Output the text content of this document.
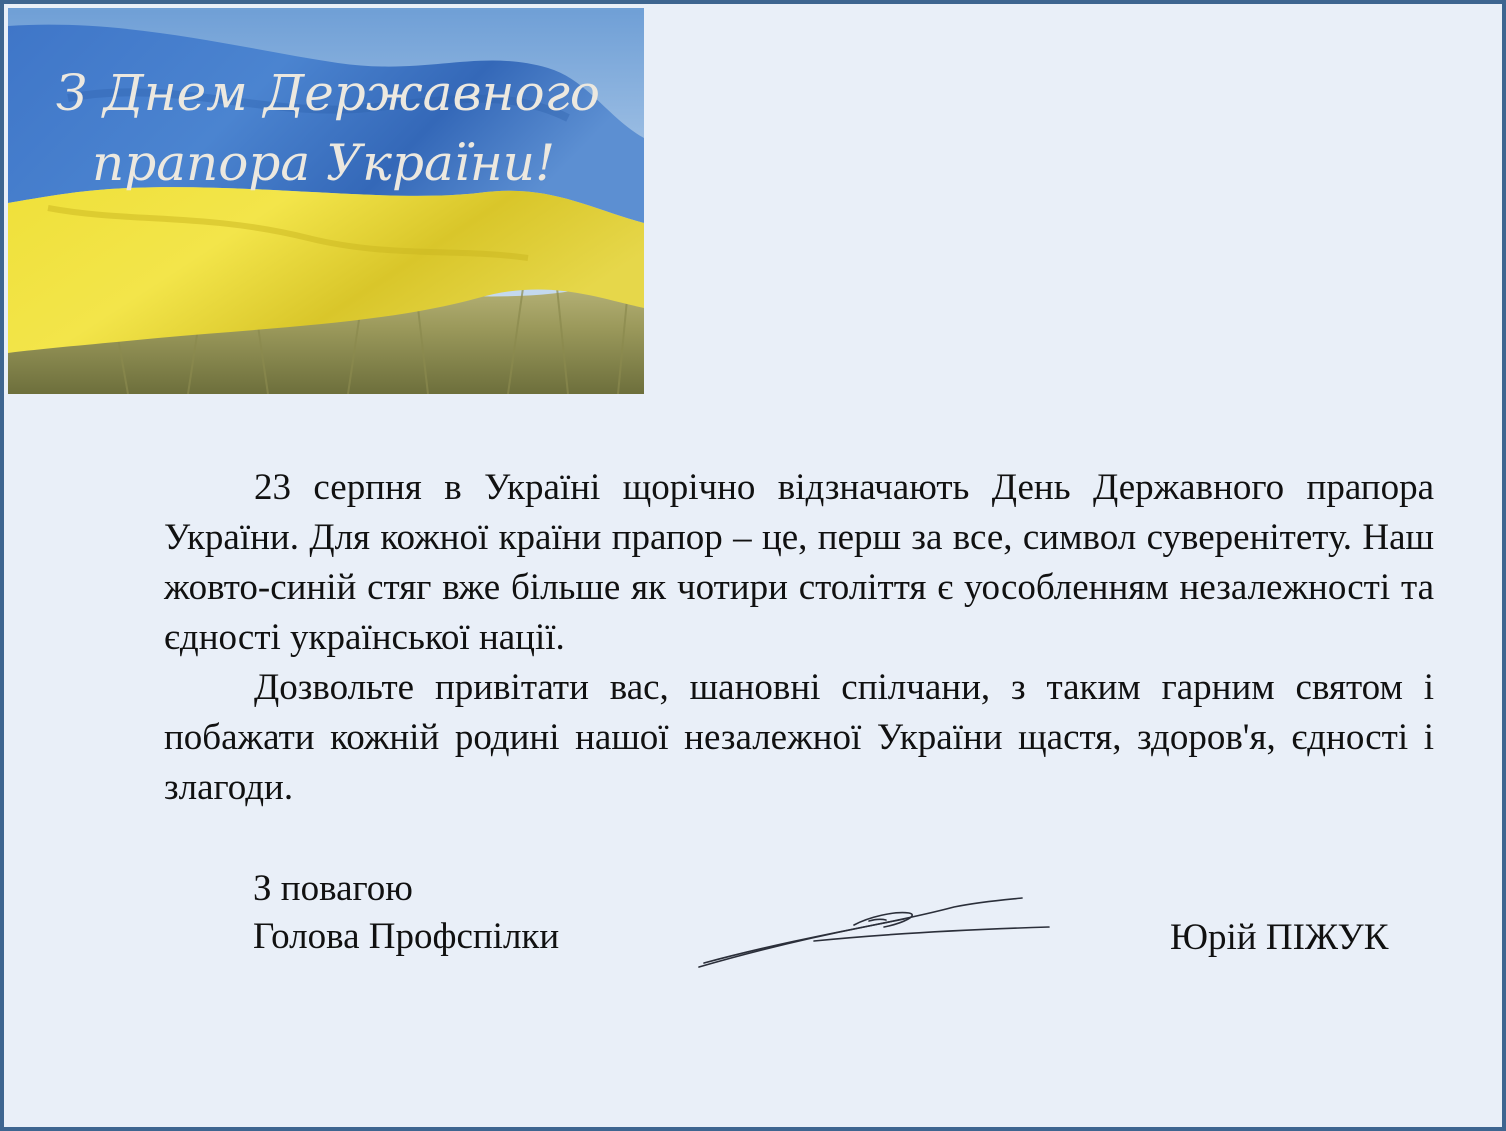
З Днем Державного
прапора України!

23 серпня в Україні щорічно відзначають День Державного прапора України. Для кожної країни прапор – це, перш за все, символ суверенітету. Наш жовто-синій стяг вже більше як чотири століття є уособленням незалежності та єдності української нації.

Дозвольте привітати вас, шановні спілчани, з таким гарним святом і побажати кожній родині нашої незалежної України щастя, здоров'я, єдності і злагоди.

З повагою
Голова Профспілки	Юрій ПІЖУК
